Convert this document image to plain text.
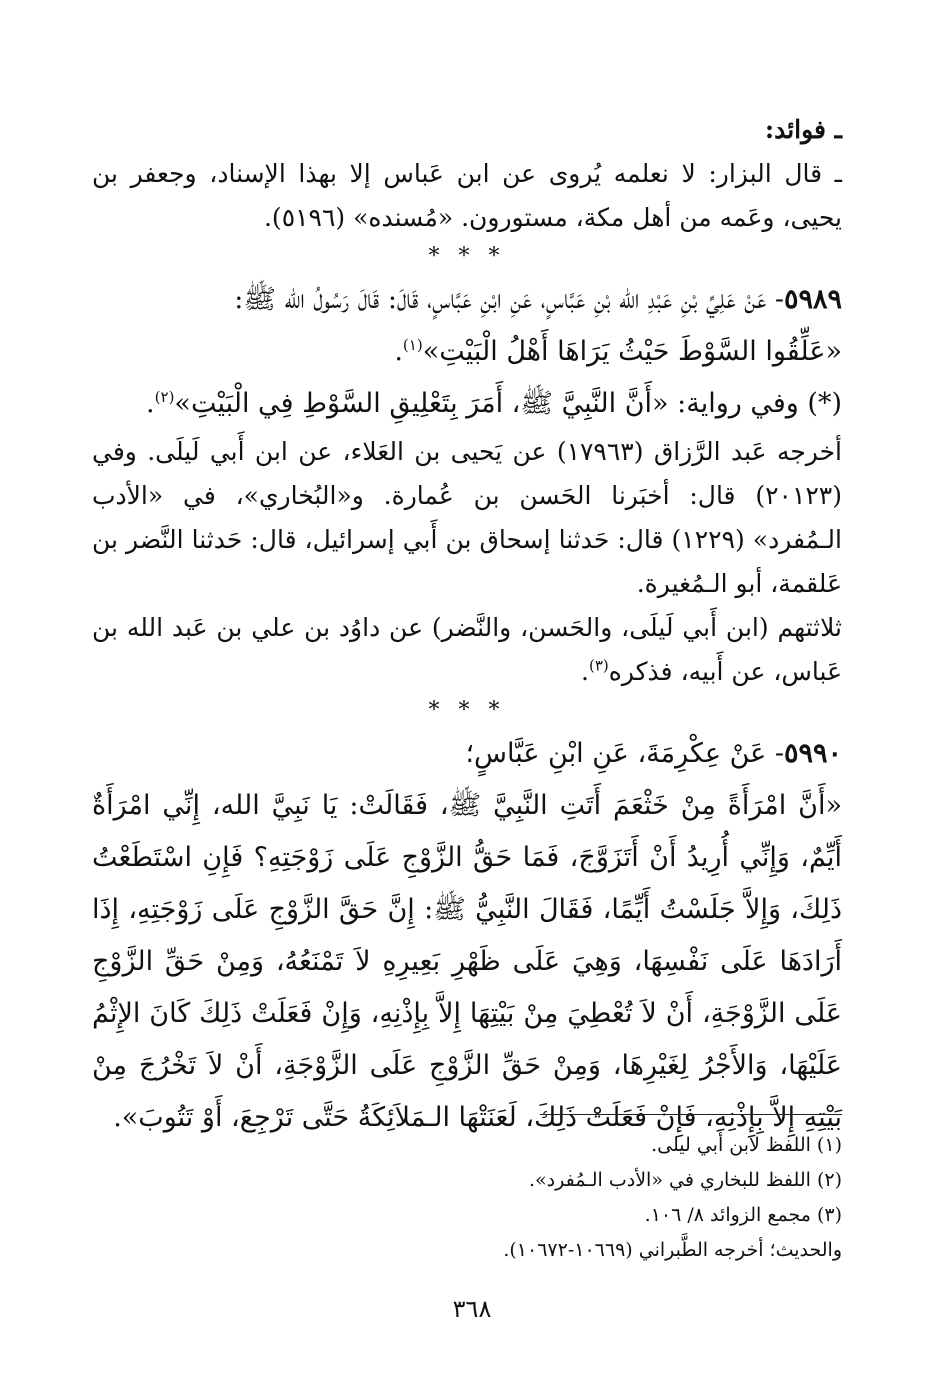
ـ فوائد:
ـ قال البزار: لا نعلمه يُروى عن ابن عَباس إلا بهذا الإسناد، وجعفر بن يحيى، وعَمه من أهل مكة، مستورون. «مُسنده» (٥١٩٦).
* * *
٥٩٨٩- عَنْ عَلِيِّ بْنِ عَبْدِ الله بْنِ عَبَّاسٍ، عَنِ ابْنِ عَبَّاسٍ، قَالَ: قَالَ رَسُولُ الله ﷺ:
«عَلِّقُوا السَّوْطَ حَيْثُ يَرَاهَا أَهْلُ الْبَيْتِ»$^{(١)}$.
(*) وفي رواية: «أَنَّ النَّبِيَّ ﷺ، أَمَرَ بِتَعْلِيقِ السَّوْطِ فِي الْبَيْتِ»$^{(٢)}$.
أخرجه عَبد الرَّزاق (١٧٩٦٣) عن يَحيى بن العَلاء، عن ابن أَبي لَيلَى. وفي (٢٠١٢٣) قال: أخبَرنا الحَسن بن عُمارة. و«البُخاري»، في «الأدب الـمُفرد» (١٢٢٩) قال: حَدثنا إسحاق بن أَبي إسرائيل، قال: حَدثنا النَّضر بن عَلقمة، أبو الـمُغيرة.
ثلاثتهم (ابن أَبي لَيلَى، والحَسن، والنَّضر) عن داوُد بن علي بن عَبد الله بن عَباس، عن أَبيه، فذكره$^{(٣)}$.
* * *
٥٩٩٠- عَنْ عِكْرِمَةَ، عَنِ ابْنِ عَبَّاسٍ؛
«أَنَّ امْرَأَةً مِنْ خَثْعَمَ أَتَتِ النَّبِيَّ ﷺ، فَقَالَتْ: يَا نَبِيَّ الله، إِنِّي امْرَأَةٌ أَيِّمٌ، وَإِنِّي أُرِيدُ أَنْ أَتَزَوَّجَ، فَمَا حَقُّ الزَّوْجِ عَلَى زَوْجَتِهِ؟ فَإِنِ اسْتَطَعْتُ ذَلِكَ، وَإِلاَّ جَلَسْتُ أَيِّمًا، فَقَالَ النَّبِيُّ ﷺ: إِنَّ حَقَّ الزَّوْجِ عَلَى زَوْجَتِهِ، إِذَا أَرَادَهَا عَلَى نَفْسِهَا، وَهِيَ عَلَى ظَهْرِ بَعِيرِهِ لاَ تَمْنَعُهُ، وَمِنْ حَقِّ الزَّوْجِ عَلَى الزَّوْجَةِ، أَنْ لاَ تُعْطِيَ مِنْ بَيْتِهَا إِلاَّ بِإِذْنِهِ، وَإِنْ فَعَلَتْ ذَلِكَ كَانَ الإِثْمُ عَلَيْهَا، وَالأَجْرُ لِغَيْرِهَا، وَمِنْ حَقِّ الزَّوْجِ عَلَى الزَّوْجَةِ، أَنْ لاَ تَخْرُجَ مِنْ بَيْتِهِ إِلاَّ بِإِذْنِهِ، فَإِنْ فَعَلَتْ ذَلِكَ، لَعَنَتْهَا الـمَلاَئِكَةُ حَتَّى تَرْجِعَ، أَوْ تَتُوبَ».
(١) اللفظ لابن أَبي ليلى.
(٢) اللفظ للبخاري في «الأدب الـمُفرد».
(٣) مجمع الزوائد ٨/ ١٠٦.
والحديث؛ أخرجه الطَّبراني (١٠٦٦٩-١٠٦٧٢).
٣٦٨
